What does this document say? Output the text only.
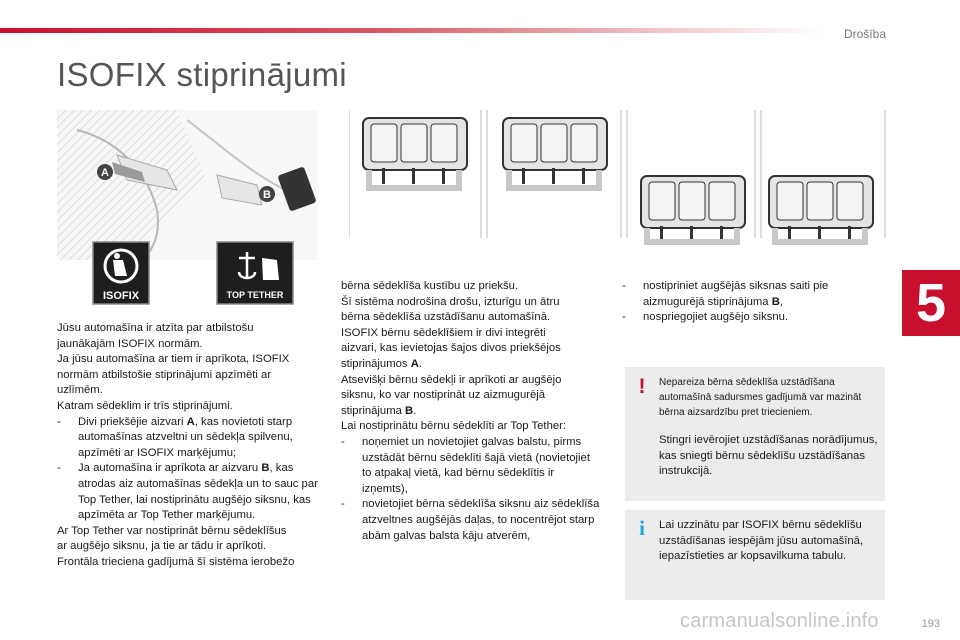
Drošība
ISOFIX stiprinājumi
5
A
B
ISOFIX	TOP TETHER

Jūsu automašīna ir atzīta par atbilstošu

jaunākajām ISOFIX normām.

Ja jūsu automašīna ar tiem ir aprīkota, ISOFIX

normām atbilstošie stiprinājumi apzīmēti ar

uzlīmēm.

Katram sēdeklim ir trīs stiprinājumi.

- Divi priekšējie aizvari A, kas novietoti starp automašīnas atzveltni un sēdekļa spilvenu, apzīmēti ar ISOFIX marķējumu;
- Ja automašīna ir aprīkota ar aizvaru B, kas atrodas aiz automašīnas sēdekļa un to sauc par Top Tether, lai nostiprinātu augšējo siksnu, kas apzīmēta ar Top Tether marķējumu.

Ar Top Tether var nostiprināt bērnu sēdeklīšus

ar augšējo siksnu, ja tie ar tādu ir aprīkoti.

Frontāla trieciena gadījumā šī sistēma ierobežo

bērna sēdeklīša kustību uz priekšu.

Šī sistēma nodrošina drošu, izturīgu un ātru

bērna sēdeklīša uzstādīšanu automašīnā.

ISOFIX bērnu sēdeklīšiem ir divi integrēti

aizvari, kas ievietojas šajos divos priekšējos

stiprinājumos A.

Atsevišķi bērnu sēdekļi ir aprīkoti ar augšējo

siksnu, ko var nostiprināt uz aizmugurējā

stiprinājuma B.

Lai nostiprinātu bērnu sēdeklīti ar Top Tether:

- noņemiet un novietojiet galvas balstu, pirms uzstādāt bērnu sēdeklīti šajā vietā (novietojiet to atpakaļ vietā, kad bērnu sēdeklītis ir izņemts),
- novietojiet bērna sēdeklīša siksnu aiz sēdeklīša atzveltnes augšējās daļas, to nocentrējot starp abām galvas balsta kāju atverēm,
- nostipriniet augšējās siksnas saiti pie aizmugurējā stiprinājuma B,
- nospriegojiet augšējo siksnu.
! Nepareiza bērna sēdeklīša uzstādīšana automašīnā sadursmes gadījumā var mazināt bērna aizsardzību pret triecieniem.
Stingri ievērojiet uzstādīšanas norādījumus, kas sniegti bērnu sēdeklīšu uzstādīšanas instrukcijā.
i Lai uzzinātu par ISOFIX bērnu sēdeklīšu uzstādīšanas iespējām jūsu automašīnā, iepazīstieties ar kopsavilkuma tabulu.
carmanualsonline.info	193
